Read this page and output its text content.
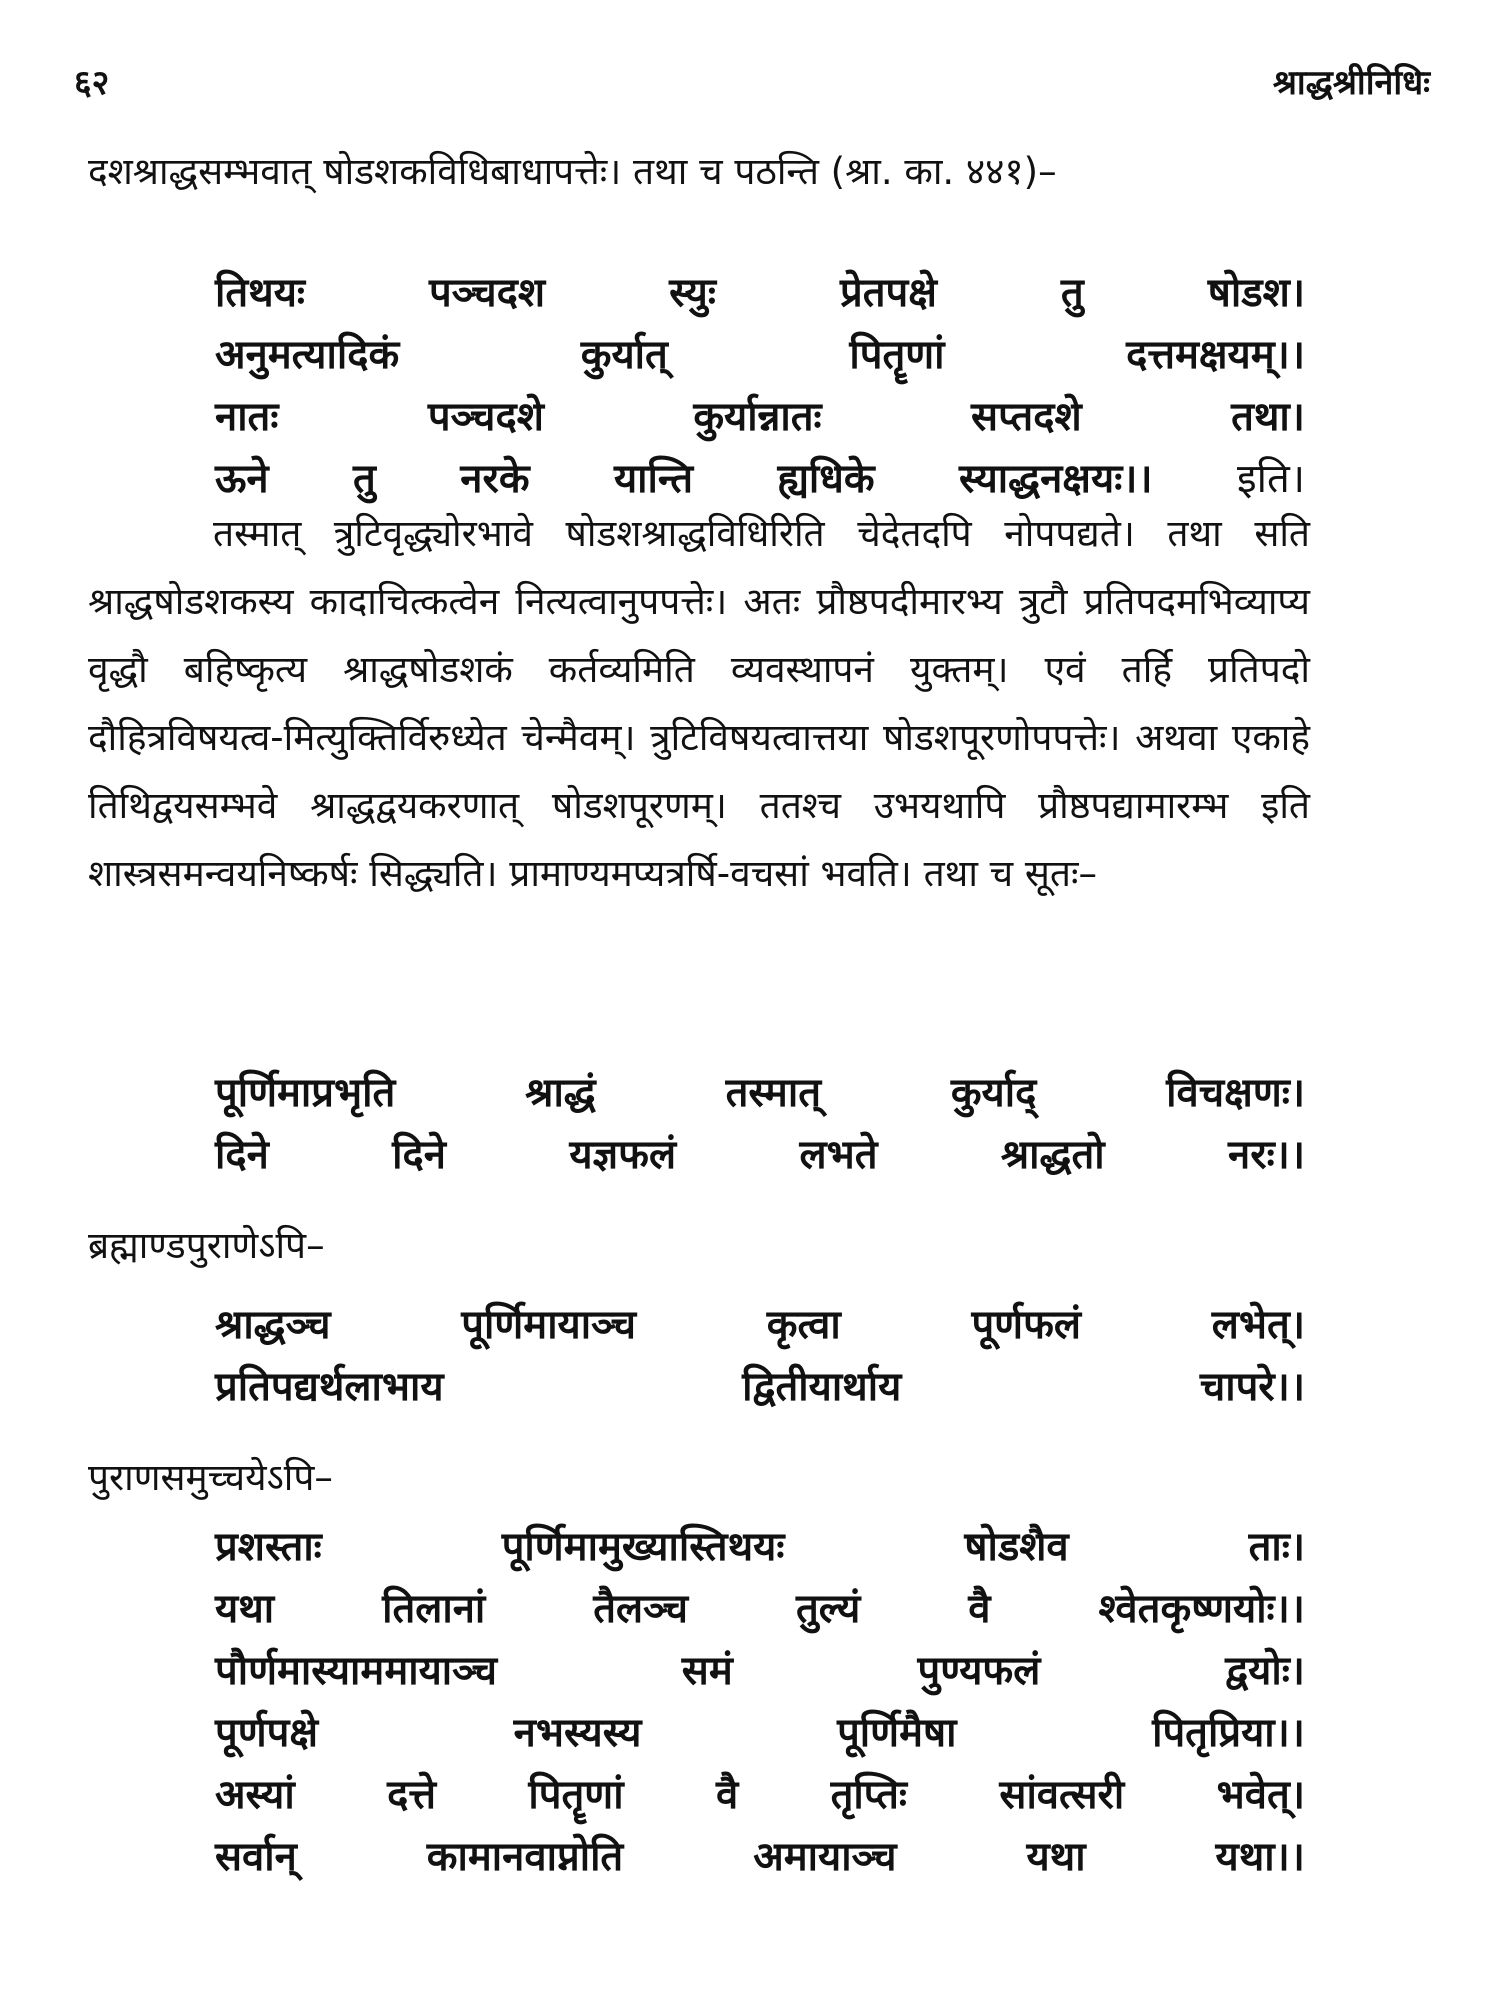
६२	श्राद्धश्रीनिधिः

दशश्राद्धसम्भवात् षोडशकविधिबाधापत्तेः। तथा च पठन्ति (श्रा. का. ४४१)–

तिथयः	पञ्चदश	स्युः	प्रेतपक्षे	तु	षोडश।
अनुमत्यादिकं	कुर्यात्	पितॄणां	दत्तमक्षयम्।।
नातः	पञ्चदशे	कुर्यान्नातः	सप्तदशे	तथा।
ऊने तु नरके यान्ति ह्यधिके स्याद्धनक्षयः।। इति।

तस्मात् त्रुटिवृद्ध्योरभावे षोडशश्राद्धविधिरिति चेदेतदपि नोपपद्यते। तथा सति श्राद्धषोडशकस्य कादाचित्कत्वेन नित्यत्वानुपपत्तेः। अतः प्रौष्ठपदीमारभ्य त्रुटौ प्रतिपदमभिव्याप्य वृद्धौ बहिष्कृत्य श्राद्धषोडशकं कर्तव्यमिति व्यवस्थापनं युक्तम्। एवं तर्हि प्रतिपदो दौहित्रविषयत्व-मित्युक्तिर्विरुध्येत चेन्मैवम्। त्रुटिविषयत्वात्तया षोडशपूरणोपपत्तेः। अथवा एकाहे तिथिद्वयसम्भवे श्राद्धद्वयकरणात् षोडशपूरणम्। ततश्च उभयथापि प्रौष्ठपद्यामारम्भ इति शास्त्रसमन्वयनिष्कर्षः सिद्ध्यति। प्रामाण्यमप्यत्रर्षि-वचसां भवति। तथा च सूतः–

पूर्णिमाप्रभृति	श्राद्धं	तस्मात्	कुर्याद्	विचक्षणः।
दिने	दिने	यज्ञफलं	लभते	श्राद्धतो	नरः।।
ब्रह्माण्डपुराणेऽपि–
श्राद्धञ्च	पूर्णिमायाञ्च	कृत्वा	पूर्णफलं	लभेत्।
प्रतिपद्यर्थलाभाय	द्वितीयार्थाय	चापरे।।
पुराणसमुच्चयेऽपि–
प्रशस्ताः	पूर्णिमामुख्यास्तिथयः	षोडशैव	ताः।
यथा	तिलानां	तैलञ्च	तुल्यं	वै	श्वेतकृष्णयोः।।
पौर्णमास्याममायाञ्च	समं	पुण्यफलं	द्वयोः।
पूर्णपक्षे	नभस्यस्य	पूर्णिमैषा	पितृप्रिया।।
अस्यां दत्ते पितॄणां वै तृप्तिः सांवत्सरी भवेत्।
सर्वान्	कामानवाप्नोति	अमायाञ्च	यथा	यथा।।
